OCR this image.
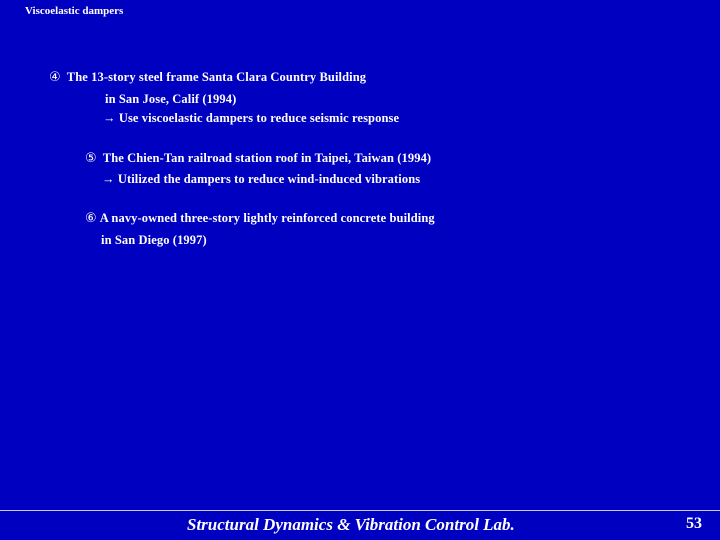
Viscoelastic dampers
④ The 13-story steel frame Santa Clara Country Building
in San Jose, Calif (1994)
→ Use viscoelastic dampers to reduce seismic response
⑤ The Chien-Tan railroad station roof in Taipei, Taiwan (1994)
→ Utilized the dampers to reduce wind-induced vibrations
⑥ A navy-owned three-story lightly reinforced concrete building
in San Diego (1997)
Structural Dynamics & Vibration Control Lab.	53
